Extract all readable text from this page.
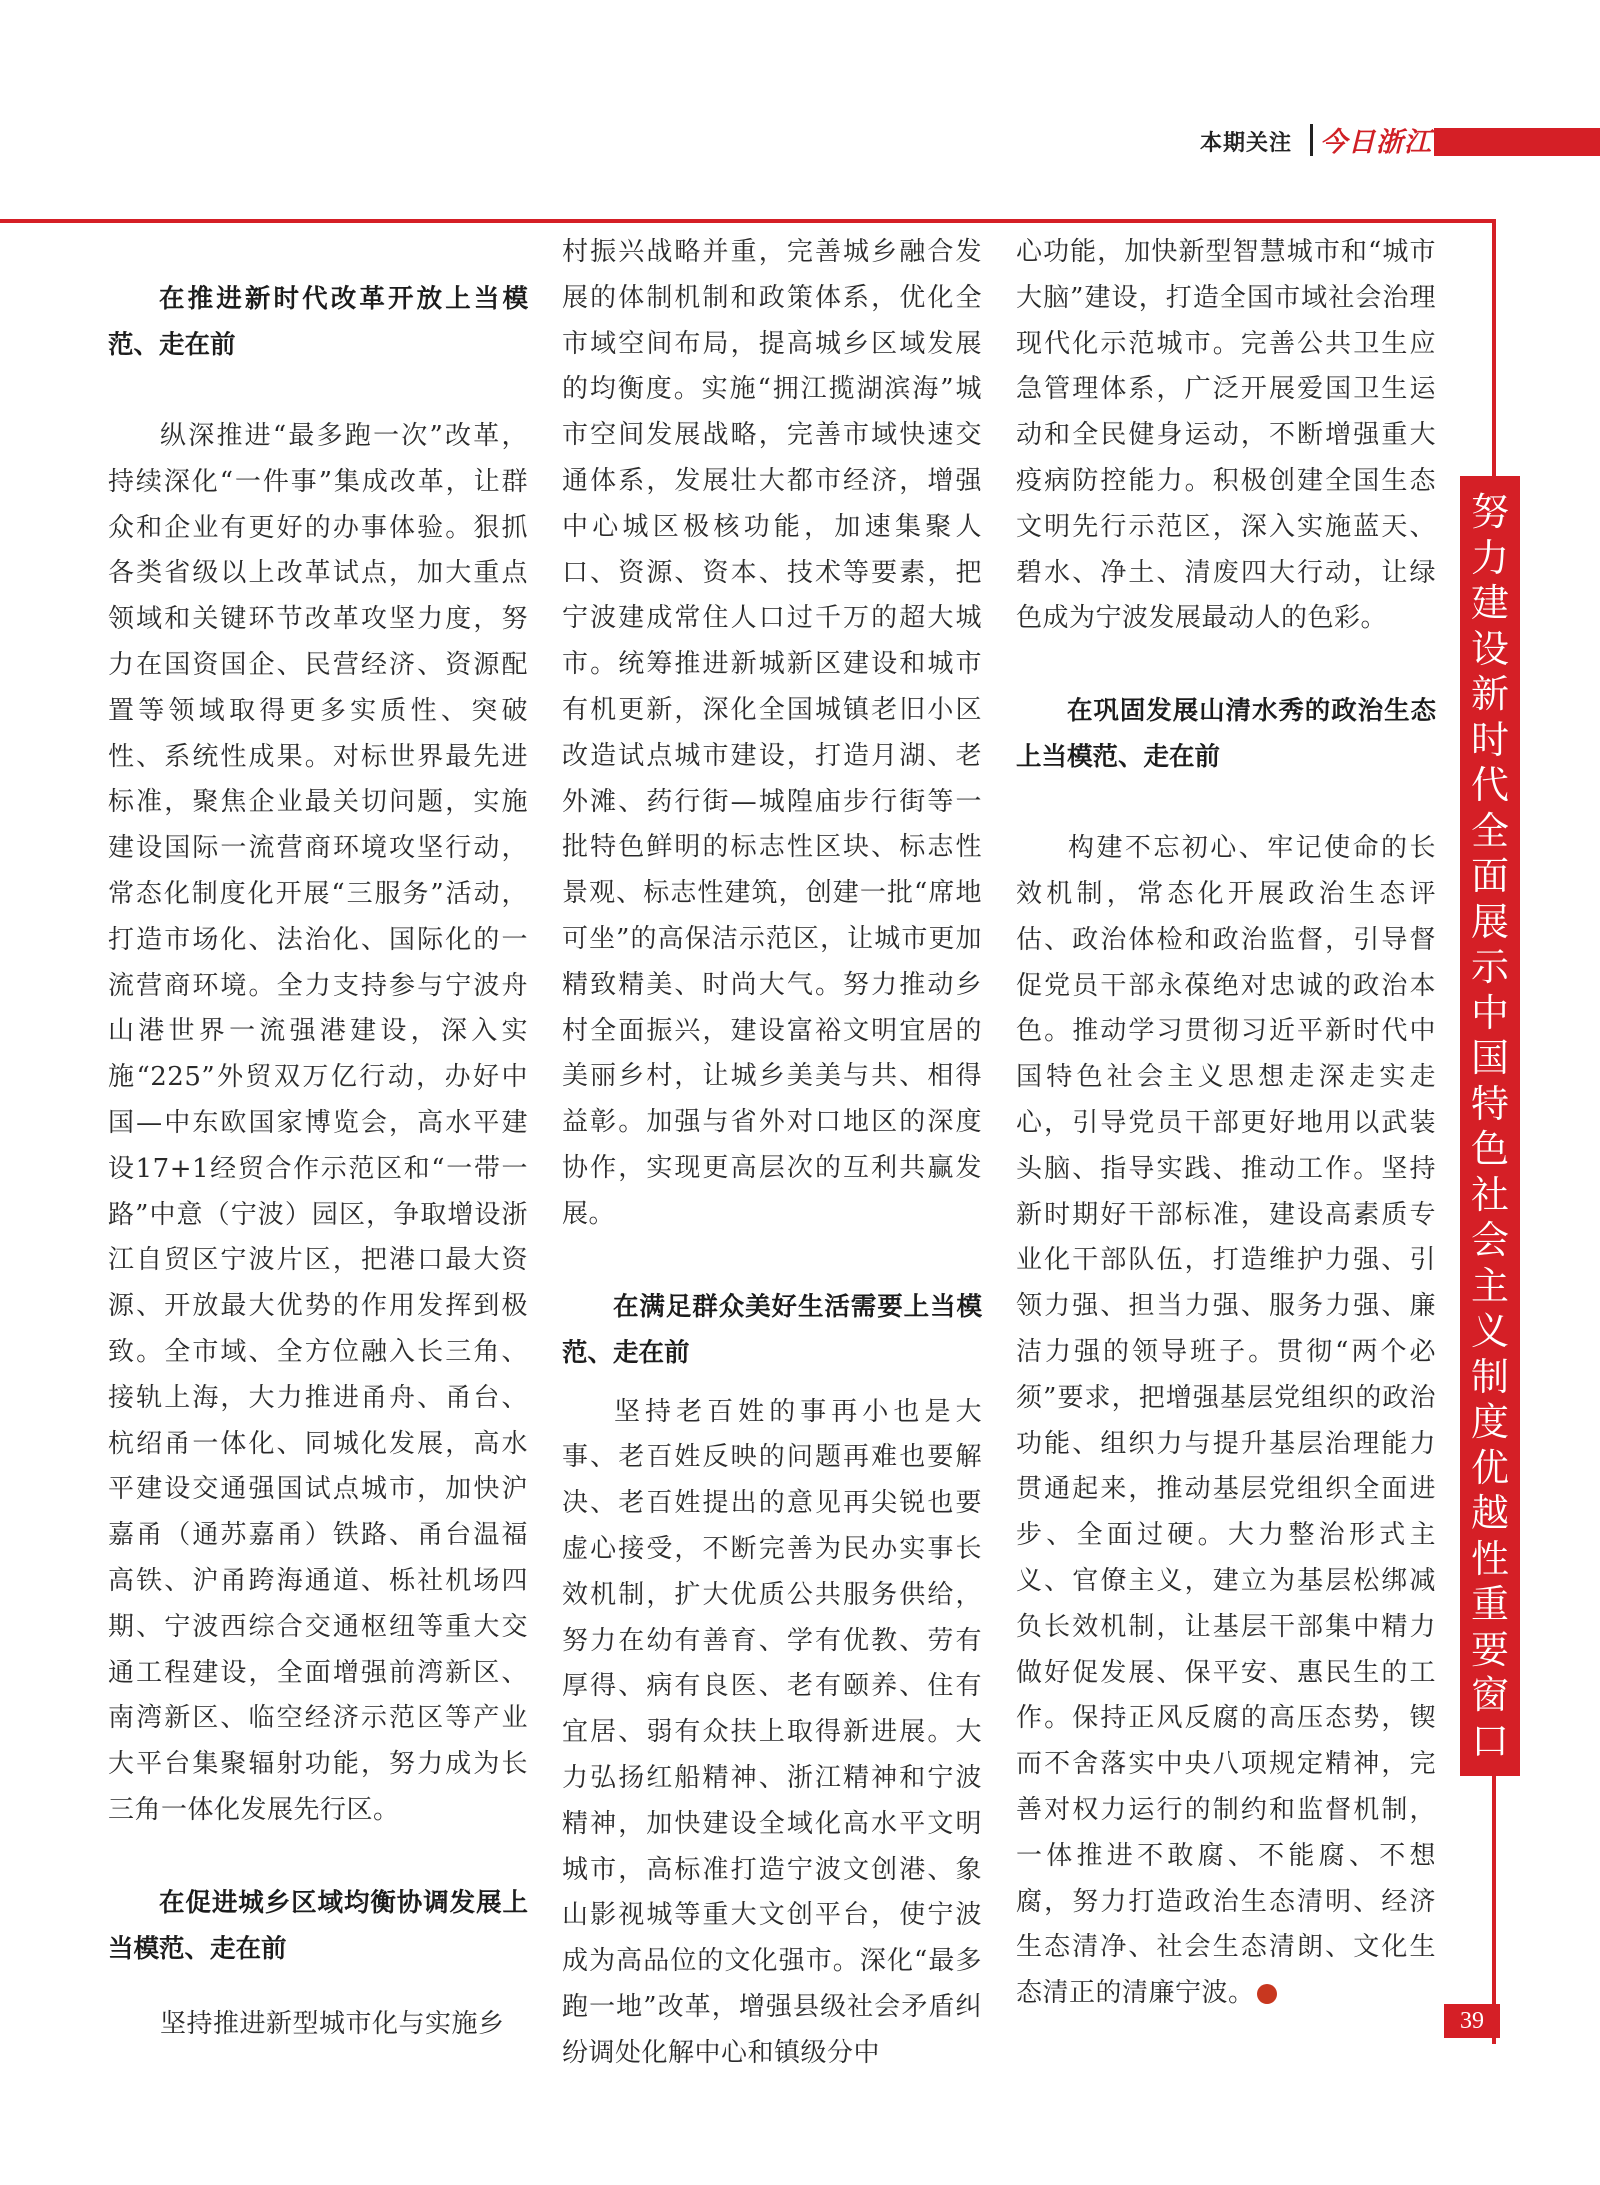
本期关注 今日浙江
努力建设新时代全面展示中国特色社会主义制度优越性重要窗口
39
在推进新时代改革开放上当模范、走在前

纵深推进“最多跑一次”改革，持续深化“一件事”集成改革，让群众和企业有更好的办事体验。狠抓各类省级以上改革试点，加大重点领域和关键环节改革攻坚力度，努力在国资国企、民营经济、资源配置等领域取得更多实质性、突破性、系统性成果。对标世界最先进标准，聚焦企业最关切问题，实施建设国际一流营商环境攻坚行动，常态化制度化开展“三服务”活动，打造市场化、法治化、国际化的一流营商环境。全力支持参与宁波舟山港世界一流强港建设，深入实施“225”外贸双万亿行动，办好中国—中东欧国家博览会，高水平建设17+1经贸合作示范区和“一带一路”中意（宁波）园区，争取增设浙江自贸区宁波片区，把港口最大资源、开放最大优势的作用发挥到极致。全市域、全方位融入长三角、接轨上海，大力推进甬舟、甬台、杭绍甬一体化、同城化发展，高水平建设交通强国试点城市，加快沪嘉甬（通苏嘉甬）铁路、甬台温福高铁、沪甬跨海通道、栎社机场四期、宁波西综合交通枢纽等重大交通工程建设，全面增强前湾新区、南湾新区、临空经济示范区等产业大平台集聚辐射功能，努力成为长三角一体化发展先行区。

在促进城乡区域均衡协调发展上当模范、走在前

坚持推进新型城市化与实施乡

村振兴战略并重，完善城乡融合发展的体制机制和政策体系，优化全市域空间布局，提高城乡区域发展的均衡度。实施“拥江揽湖滨海”城市空间发展战略，完善市域快速交通体系，发展壮大都市经济，增强中心城区极核功能，加速集聚人口、资源、资本、技术等要素，把宁波建成常住人口过千万的超大城市。统筹推进新城新区建设和城市有机更新，深化全国城镇老旧小区改造试点城市建设，打造月湖、老外滩、药行街—城隍庙步行街等一批特色鲜明的标志性区块、标志性景观、标志性建筑，创建一批“席地可坐”的高保洁示范区，让城市更加精致精美、时尚大气。努力推动乡村全面振兴，建设富裕文明宜居的美丽乡村，让城乡美美与共、相得益彰。加强与省外对口地区的深度协作，实现更高层次的互利共赢发展。

在满足群众美好生活需要上当模范、走在前

坚持老百姓的事再小也是大事、老百姓反映的问题再难也要解决、老百姓提出的意见再尖锐也要虚心接受，不断完善为民办实事长效机制，扩大优质公共服务供给，努力在幼有善育、学有优教、劳有厚得、病有良医、老有颐养、住有宜居、弱有众扶上取得新进展。大力弘扬红船精神、浙江精神和宁波精神，加快建设全域化高水平文明城市，高标准打造宁波文创港、象山影视城等重大文创平台，使宁波成为高品位的文化强市。深化“最多跑一地”改革，增强县级社会矛盾纠纷调处化解中心和镇级分中

心功能，加快新型智慧城市和“城市大脑”建设，打造全国市域社会治理现代化示范城市。完善公共卫生应急管理体系，广泛开展爱国卫生运动和全民健身运动，不断增强重大疫病防控能力。积极创建全国生态文明先行示范区，深入实施蓝天、碧水、净土、清废四大行动，让绿色成为宁波发展最动人的色彩。

在巩固发展山清水秀的政治生态上当模范、走在前

构建不忘初心、牢记使命的长效机制，常态化开展政治生态评估、政治体检和政治监督，引导督促党员干部永葆绝对忠诚的政治本色。推动学习贯彻习近平新时代中国特色社会主义思想走深走实走心，引导党员干部更好地用以武装头脑、指导实践、推动工作。坚持新时期好干部标准，建设高素质专业化干部队伍，打造维护力强、引领力强、担当力强、服务力强、廉洁力强的领导班子。贯彻“两个必须”要求，把增强基层党组织的政治功能、组织力与提升基层治理能力贯通起来，推动基层党组织全面进步、全面过硬。大力整治形式主义、官僚主义，建立为基层松绑减负长效机制，让基层干部集中精力做好促发展、保平安、惠民生的工作。保持正风反腐的高压态势，锲而不舍落实中央八项规定精神，完善对权力运行的制约和监督机制，一体推进不敢腐、不能腐、不想腐，努力打造政治生态清明、经济生态清净、社会生态清朗、文化生态清正的清廉宁波。
